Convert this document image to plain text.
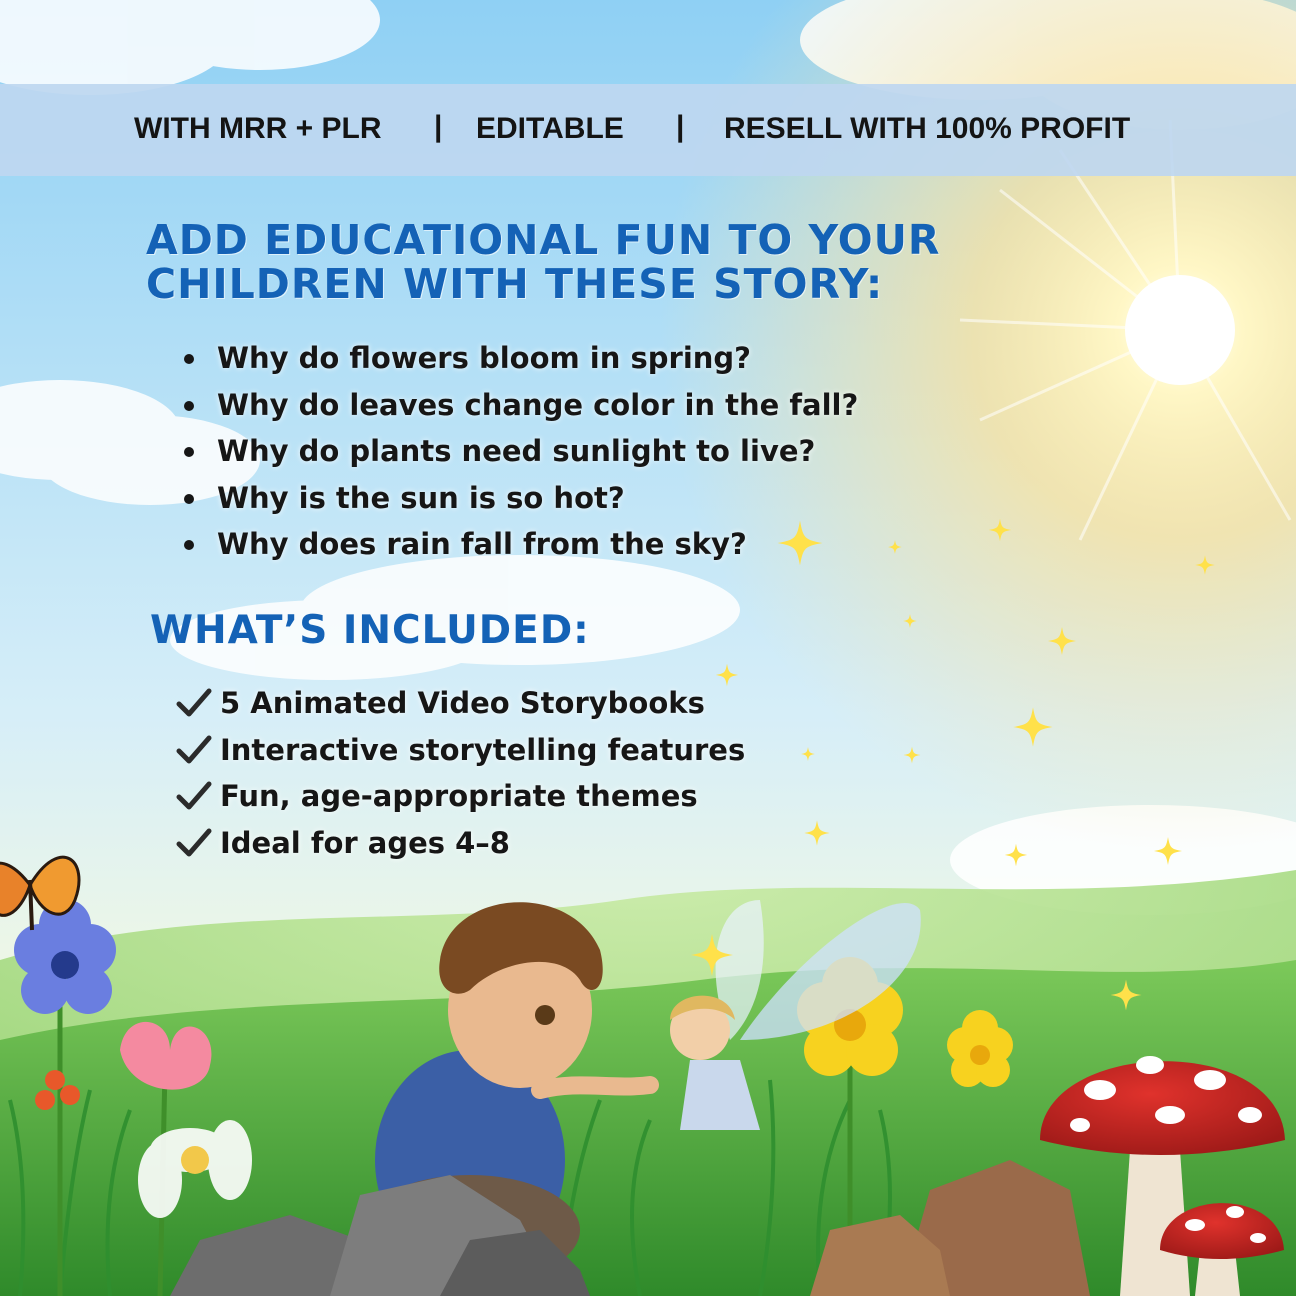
WITH MRR + PLR | EDITABLE | RESELL WITH 100% PROFIT
ADD EDUCATIONAL FUN TO YOUR
CHILDREN WITH THESE STORY:
Why do flowers bloom in spring?
Why do leaves change color in the fall?
Why do plants need sunlight to live?
Why is the sun is so hot?
Why does rain fall from the sky?
WHAT’S INCLUDED:
5 Animated Video Storybooks
Interactive storytelling features
Fun, age-appropriate themes
Ideal for ages 4–8
